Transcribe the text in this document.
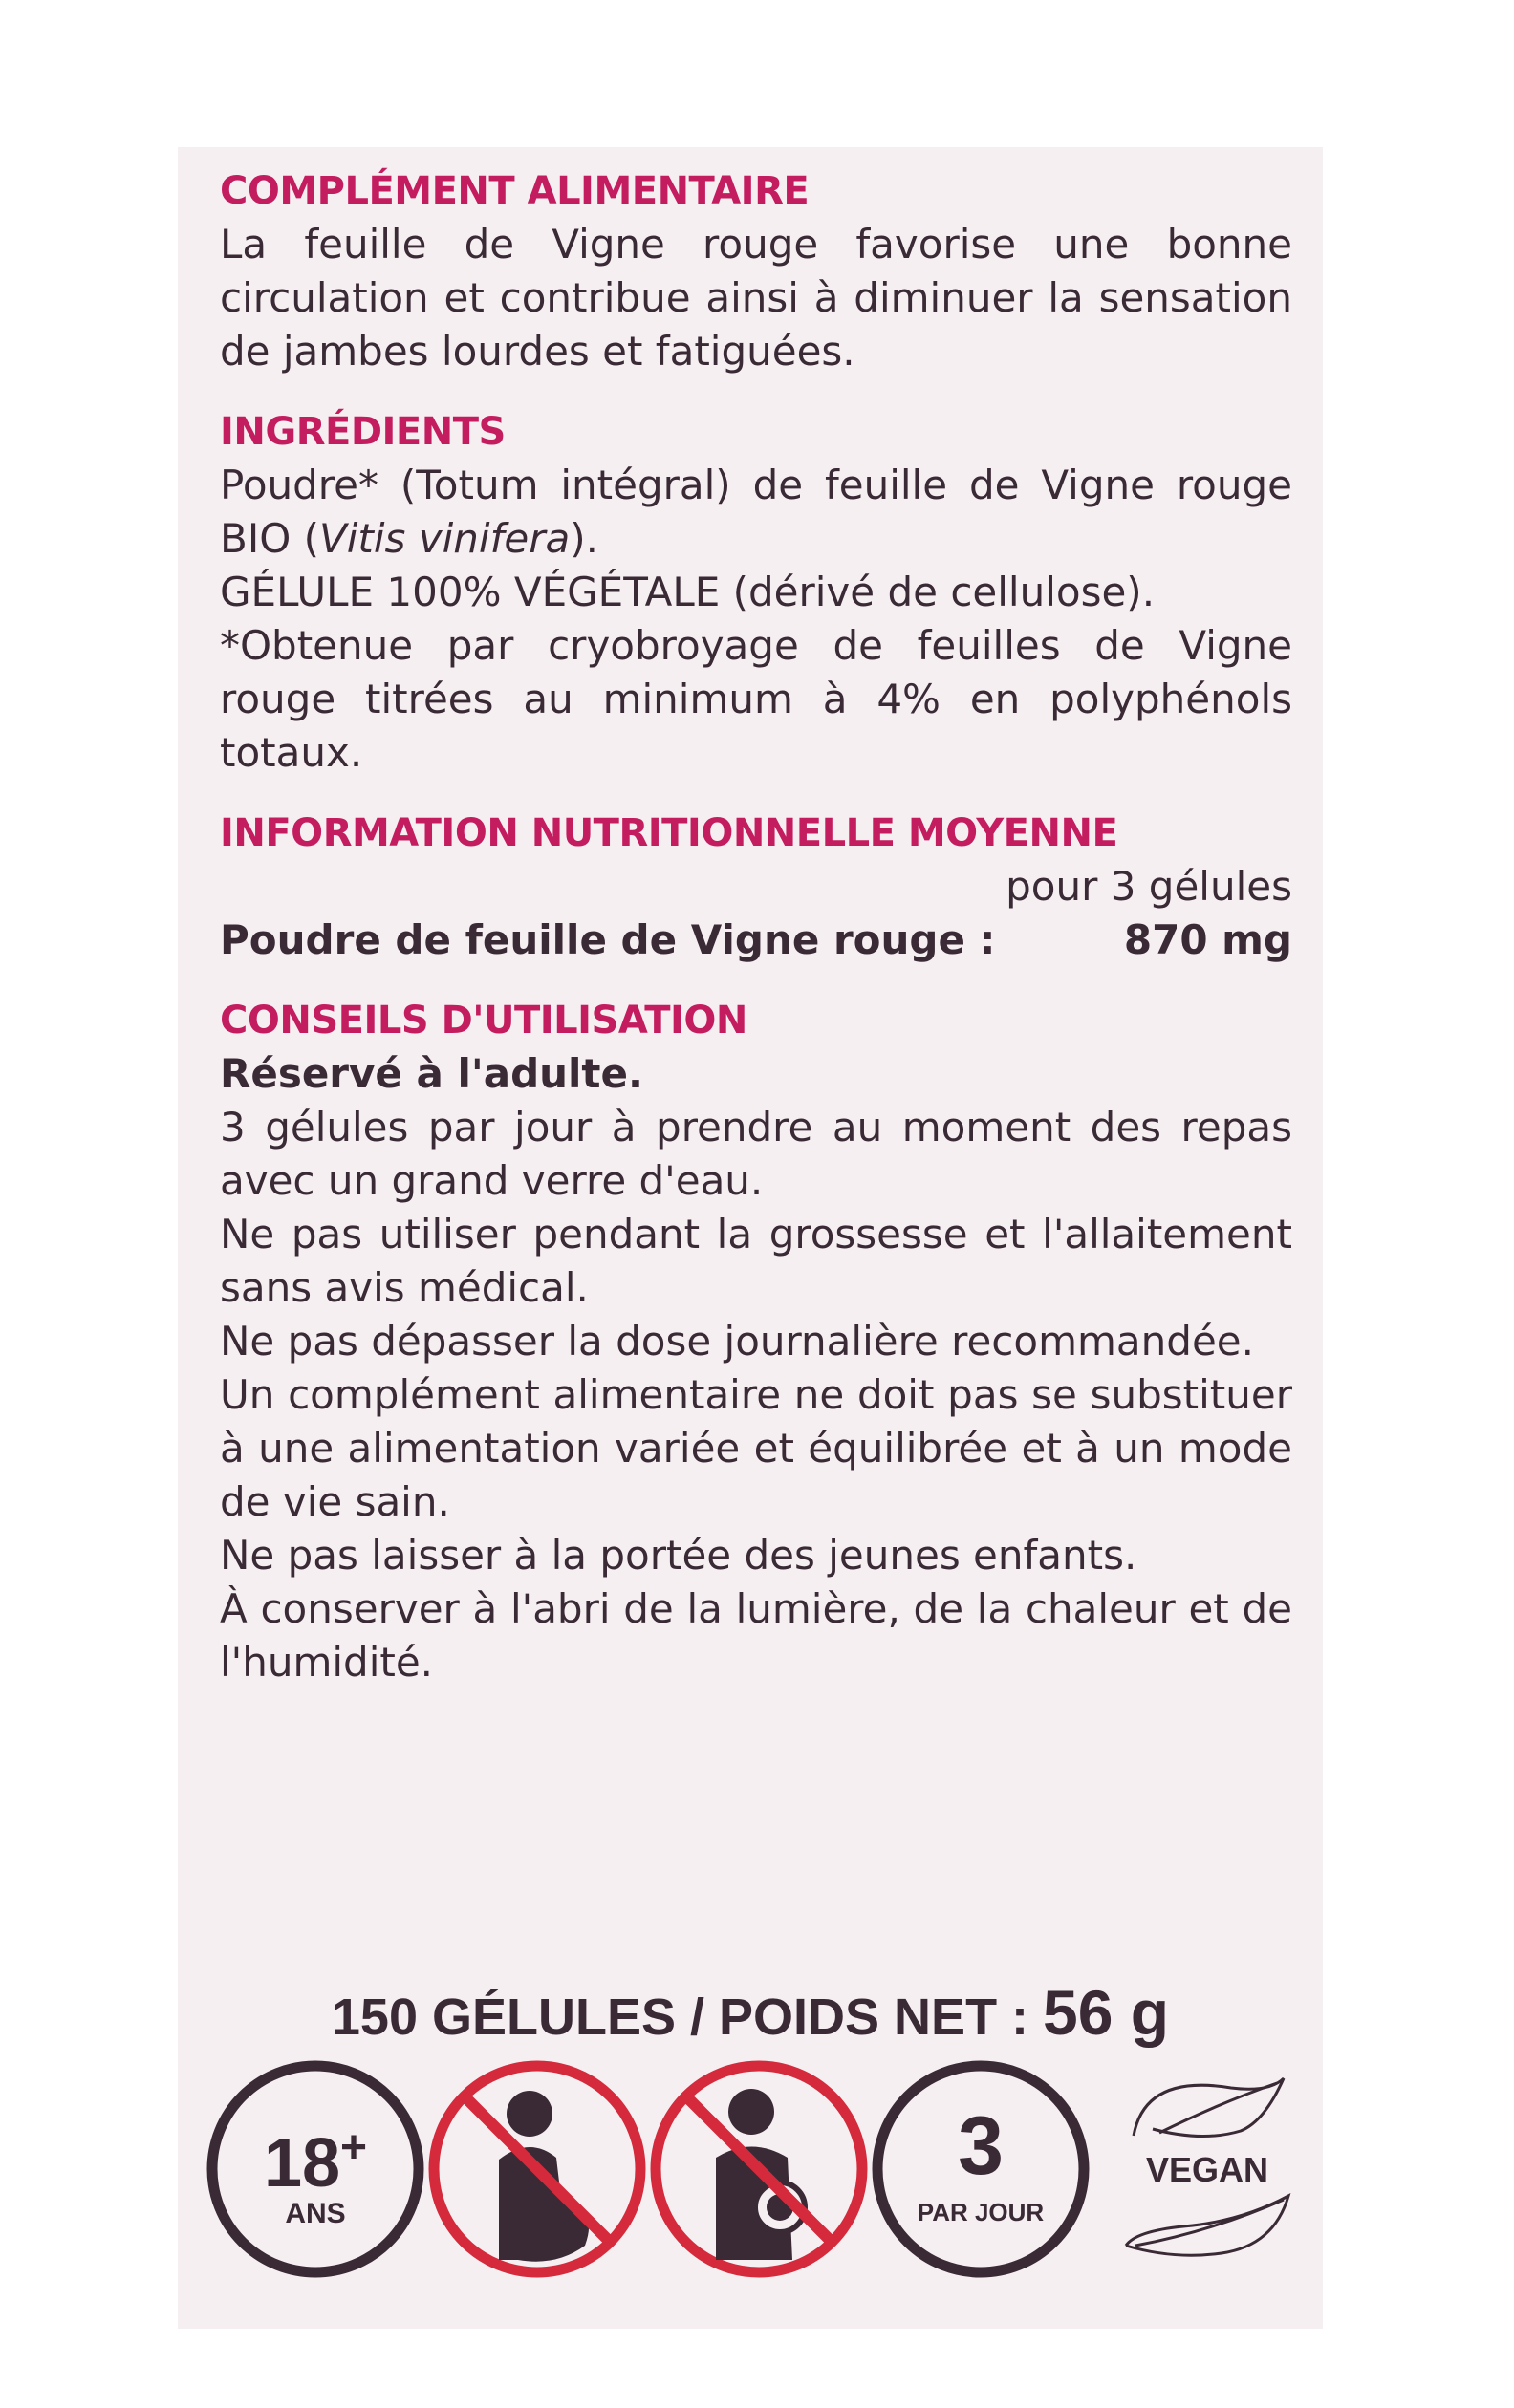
COMPLÉMENT ALIMENTAIRE

La feuille de Vigne rouge favorise une bonne circulation et contribue ainsi à diminuer la sensation de jambes lourdes et fatiguées.

INGRÉDIENTS

Poudre* (Totum intégral) de feuille de Vigne rouge BIO (Vitis vinifera).

GÉLULE 100% VÉGÉTALE (dérivé de cellulose).

*Obtenue par cryobroyage de feuilles de Vigne rouge titrées au minimum à 4% en polyphénols totaux.

INFORMATION NUTRITIONNELLE MOYENNE
pour 3 gélules
Poudre de feuille de Vigne rouge :	870 mg
CONSEILS D'UTILISATION

Réservé à l'adulte.

3 gélules par jour à prendre au moment des repas avec un grand verre d'eau.

Ne pas utiliser pendant la grossesse et l'allaitement sans avis médical.

Ne pas dépasser la dose journalière recommandée.

Un complément alimentaire ne doit pas se substituer à une alimentation variée et équilibrée et à un mode de vie sain.

Ne pas laisser à la portée des jeunes enfants.

À conserver à l'abri de la lumière, de la chaleur et de l'humidité.

150 GÉLULES / POIDS NET : 56 g
18+
ANS
3
PAR JOUR
VEGAN
